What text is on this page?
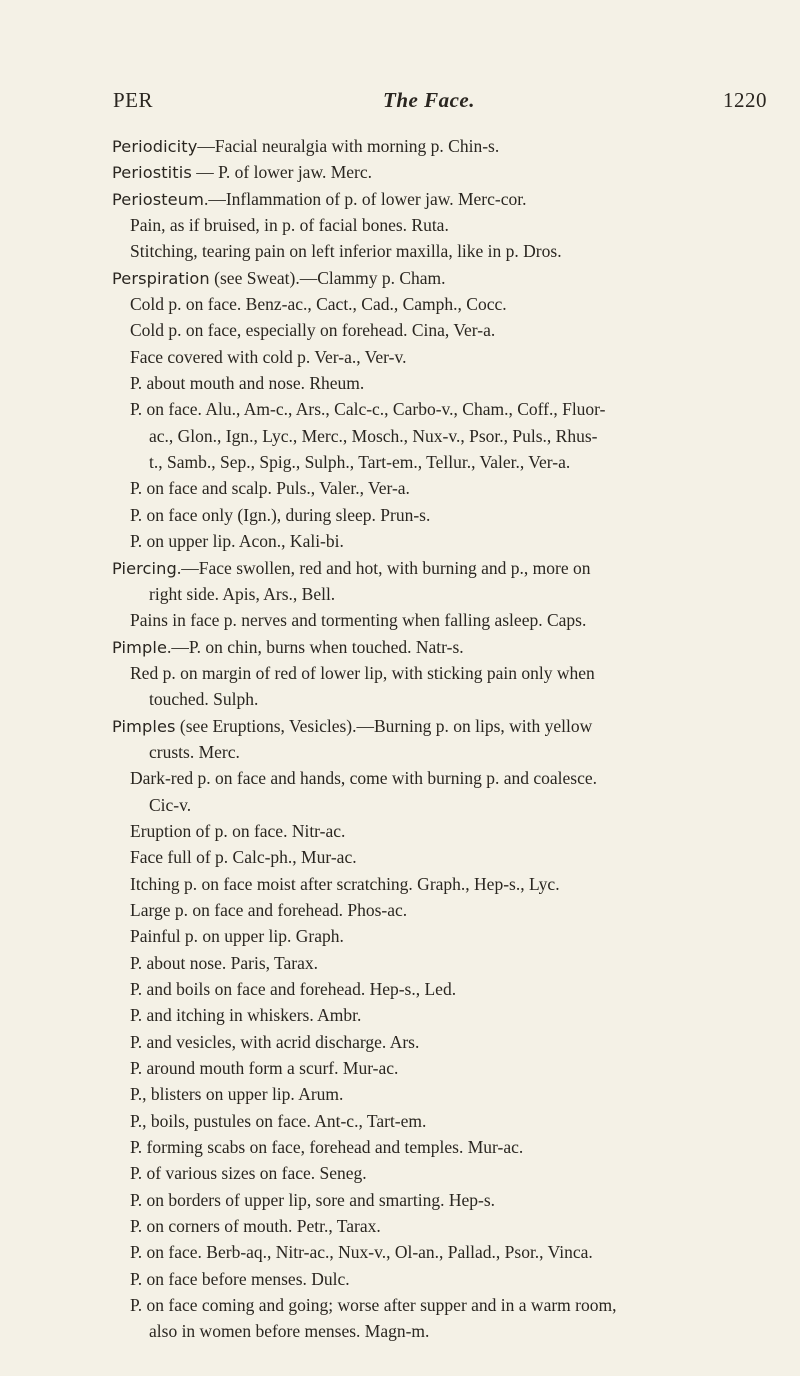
PER	The Face.	1220
Periodicity—Facial neuralgia with morning p. Chin-s.
Periostitis — P. of lower jaw. Merc.
Periosteum.—Inflammation of p. of lower jaw. Merc-cor.
Pain, as if bruised, in p. of facial bones. Ruta.
Stitching, tearing pain on left inferior maxilla, like in p. Dros.
Perspiration (see Sweat).—Clammy p. Cham.
Cold p. on face. Benz-ac., Cact., Cad., Camph., Cocc.
Cold p. on face, especially on forehead. Cina, Ver-a.
Face covered with cold p. Ver-a., Ver-v.
P. about mouth and nose. Rheum.
P. on face. Alu., Am-c., Ars., Calc-c., Carbo-v., Cham., Coff., Fluor-
ac., Glon., Ign., Lyc., Merc., Mosch., Nux-v., Psor., Puls., Rhus-
t., Samb., Sep., Spig., Sulph., Tart-em., Tellur., Valer., Ver-a.
P. on face and scalp. Puls., Valer., Ver-a.
P. on face only (Ign.), during sleep. Prun-s.
P. on upper lip. Acon., Kali-bi.
Piercing.—Face swollen, red and hot, with burning and p., more on
right side. Apis, Ars., Bell.
Pains in face p. nerves and tormenting when falling asleep. Caps.
Pimple.—P. on chin, burns when touched. Natr-s.
Red p. on margin of red of lower lip, with sticking pain only when
touched. Sulph.
Pimples (see Eruptions, Vesicles).—Burning p. on lips, with yellow
crusts. Merc.
Dark-red p. on face and hands, come with burning p. and coalesce.
Cic-v.
Eruption of p. on face. Nitr-ac.
Face full of p. Calc-ph., Mur-ac.
Itching p. on face moist after scratching. Graph., Hep-s., Lyc.
Large p. on face and forehead. Phos-ac.
Painful p. on upper lip. Graph.
P. about nose. Paris, Tarax.
P. and boils on face and forehead. Hep-s., Led.
P. and itching in whiskers. Ambr.
P. and vesicles, with acrid discharge. Ars.
P. around mouth form a scurf. Mur-ac.
P., blisters on upper lip. Arum.
P., boils, pustules on face. Ant-c., Tart-em.
P. forming scabs on face, forehead and temples. Mur-ac.
P. of various sizes on face. Seneg.
P. on borders of upper lip, sore and smarting. Hep-s.
P. on corners of mouth. Petr., Tarax.
P. on face. Berb-aq., Nitr-ac., Nux-v., Ol-an., Pallad., Psor., Vinca.
P. on face before menses. Dulc.
P. on face coming and going; worse after supper and in a warm room,
also in women before menses. Magn-m.
